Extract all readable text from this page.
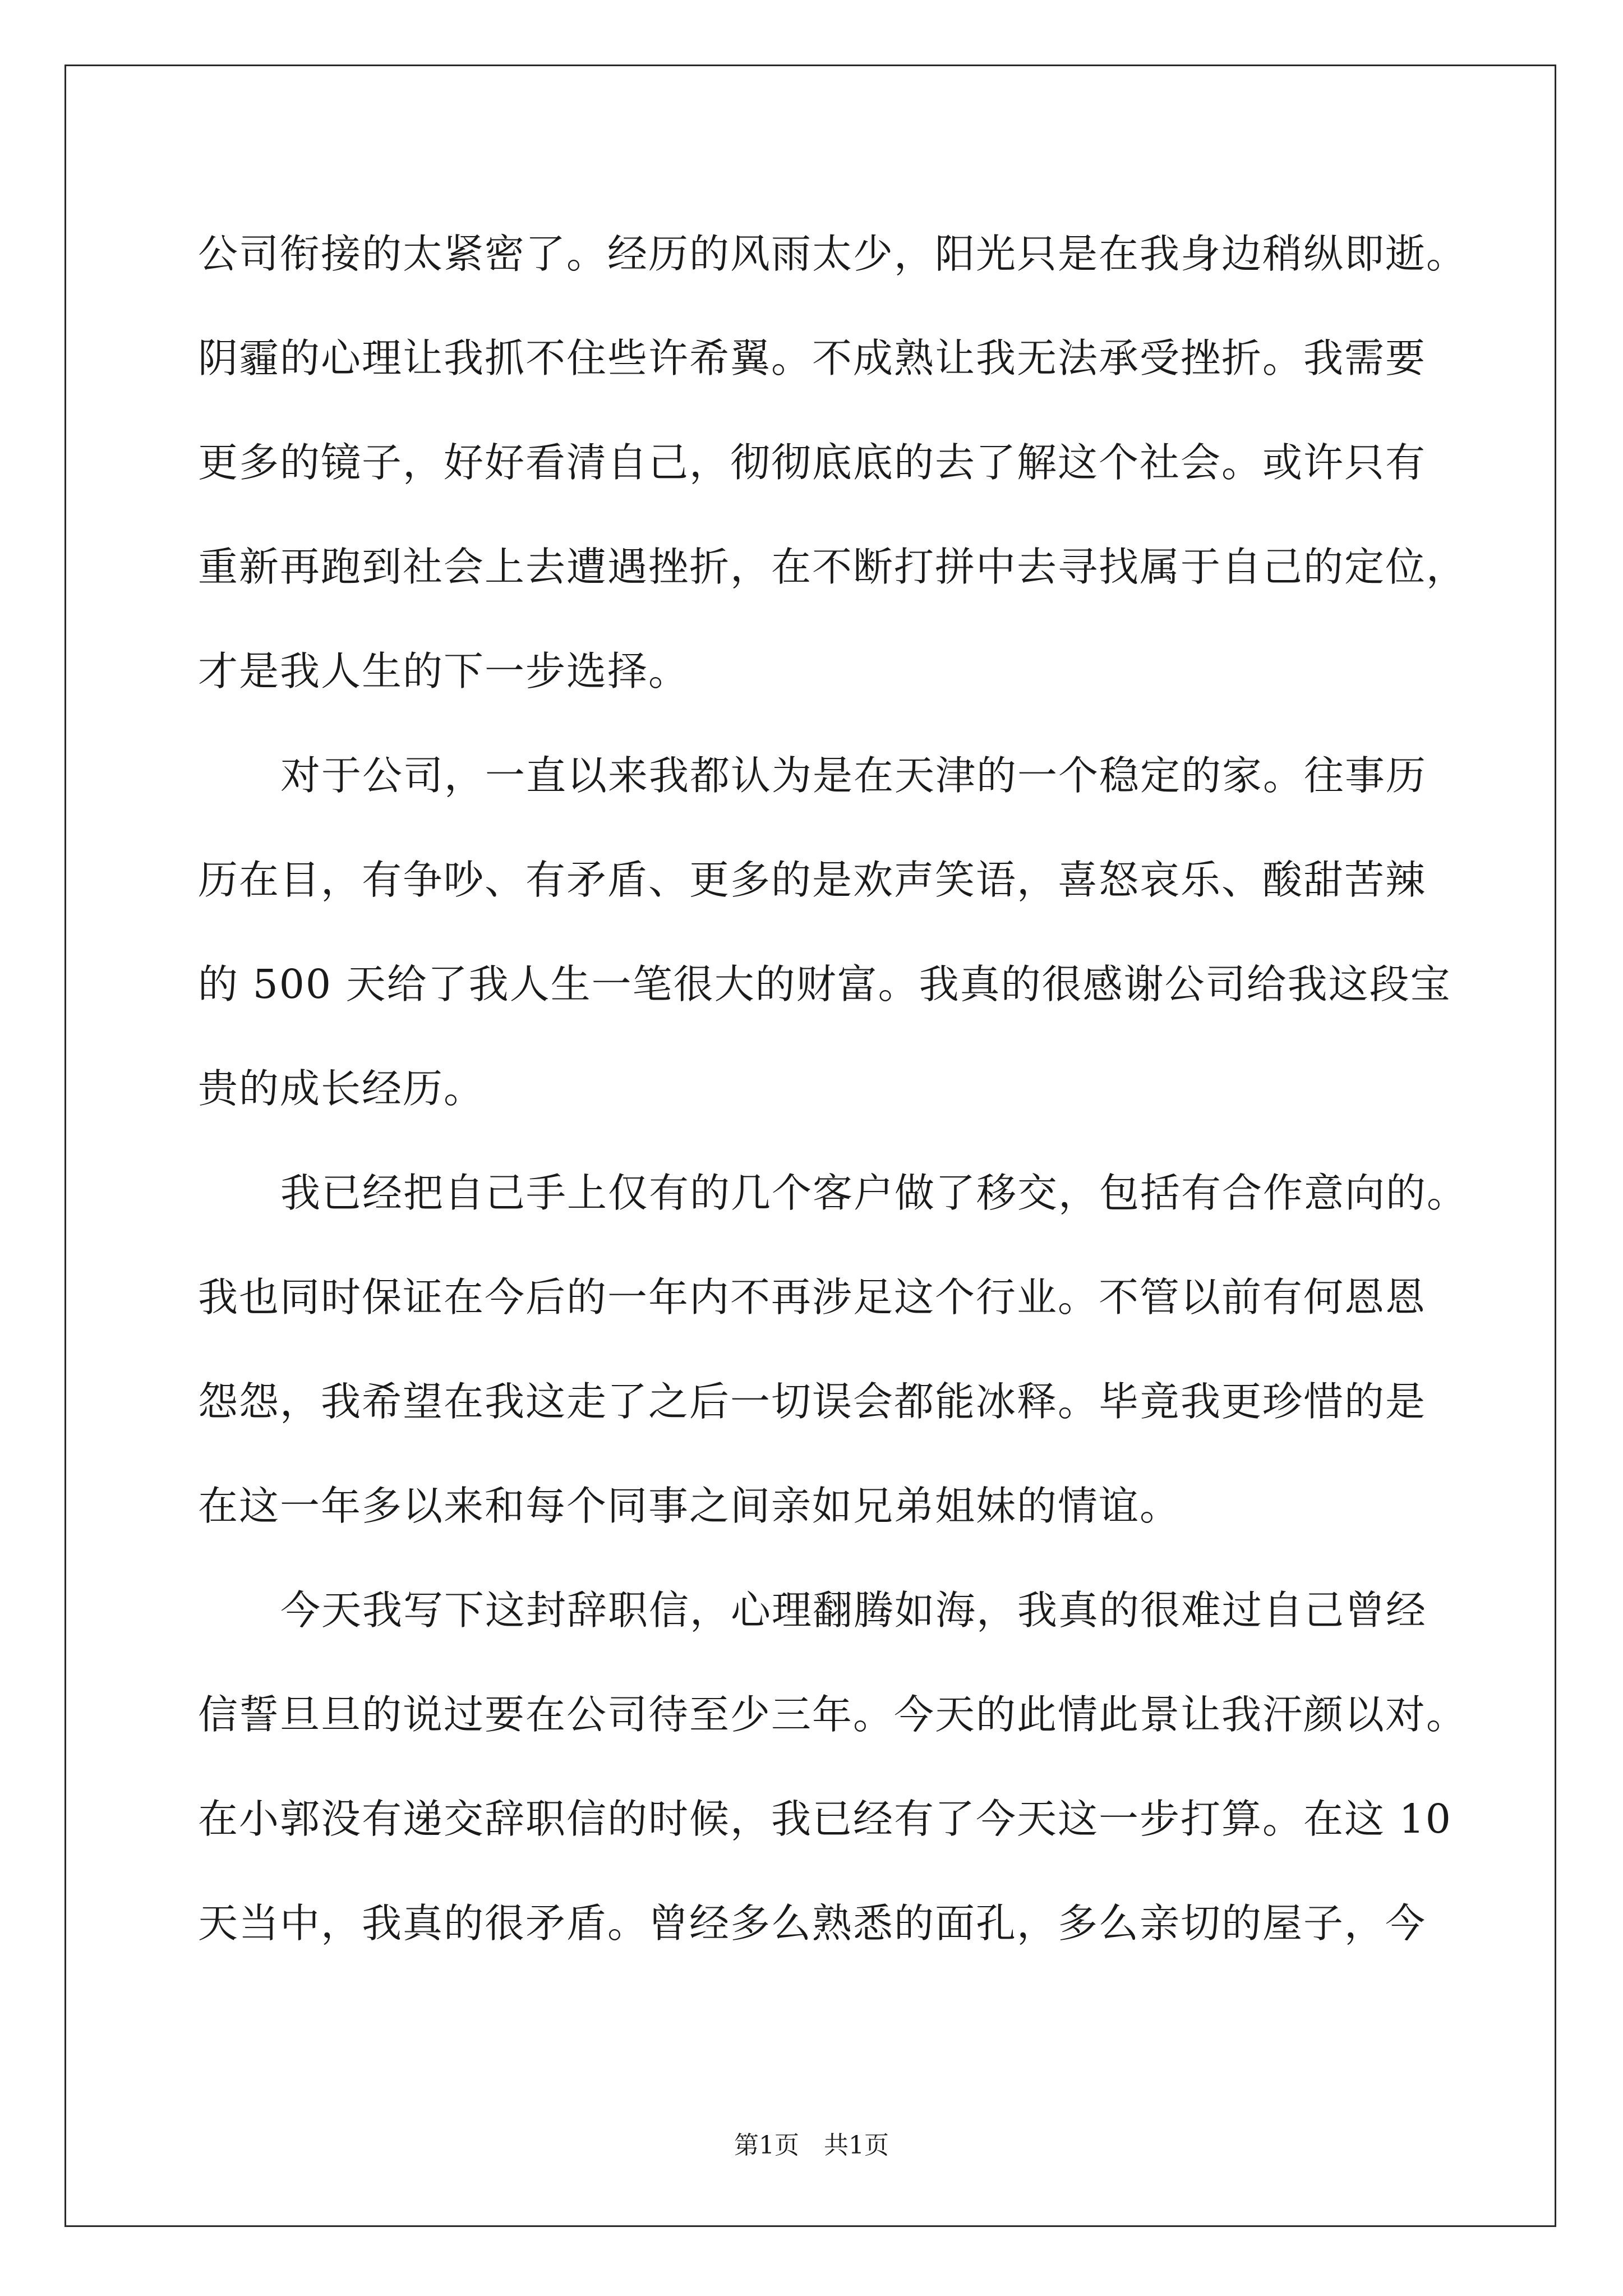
公司衔接的太紧密了。经历的风雨太少，阳光只是在我身边稍纵即逝。
阴霾的心理让我抓不住些许希翼。不成熟让我无法承受挫折。我需要
更多的镜子，好好看清自己，彻彻底底的去了解这个社会。或许只有
重新再跑到社会上去遭遇挫折，在不断打拼中去寻找属于自己的定位，
才是我人生的下一步选择。
对于公司，一直以来我都认为是在天津的一个稳定的家。往事历
历在目，有争吵、有矛盾、更多的是欢声笑语，喜怒哀乐、酸甜苦辣
的 500 天给了我人生一笔很大的财富。我真的很感谢公司给我这段宝
贵的成长经历。
我已经把自己手上仅有的几个客户做了移交，包括有合作意向的。
我也同时保证在今后的一年内不再涉足这个行业。不管以前有何恩恩
怨怨，我希望在我这走了之后一切误会都能冰释。毕竟我更珍惜的是
在这一年多以来和每个同事之间亲如兄弟姐妹的情谊。
今天我写下这封辞职信，心理翻腾如海，我真的很难过自己曾经
信誓旦旦的说过要在公司待至少三年。今天的此情此景让我汗颜以对。
在小郭没有递交辞职信的时候，我已经有了今天这一步打算。在这 10
天当中，我真的很矛盾。曾经多么熟悉的面孔，多么亲切的屋子，今
第1页　共1页
